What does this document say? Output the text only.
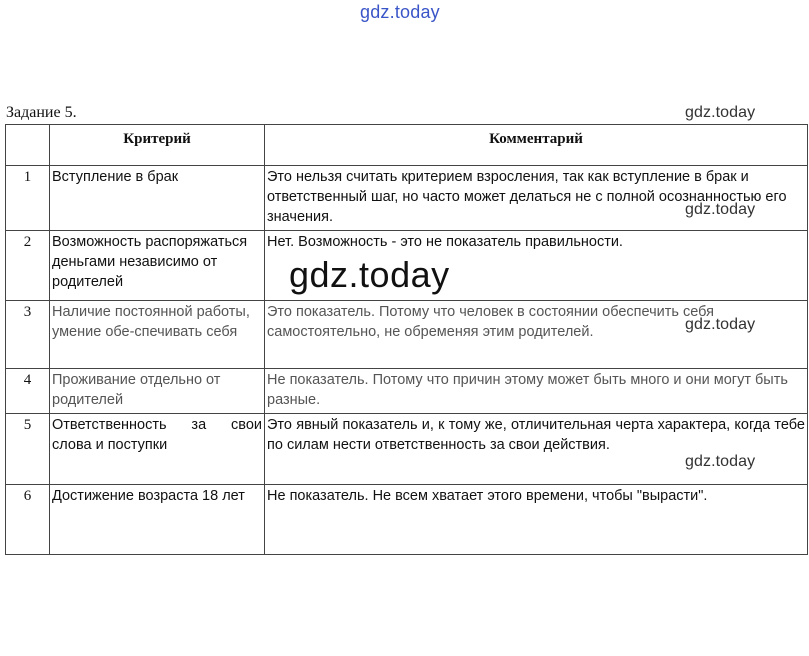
gdz.today
Задание 5.
	Критерий	Комментарий
1	Вступление в брак	Это нельзя считать критерием взросления, так как вступление в брак и ответственный шаг, но часто может делаться не с полной осознанностью его значения.
2	Возможность распоряжаться деньгами независимо от родителей	Нет. Возможность - это не показатель правильности.
3	Наличие постоянной работы, умение обе-спечивать себя	Это показатель. Потому что человек в состоянии обеспечить себя самостоятельно, не обременяя этим родителей.
4	Проживание отдельно от родителей	Не показатель. Потому что причин этому может быть много и они могут быть разные.
5	Ответственность за свои слова и поступки	Это явный показатель и, к тому же, отличительная черта характера, когда тебе по силам нести ответственность за свои действия.
6	Достижение возраста 18 лет	Не показатель. Не всем хватает этого времени, чтобы "вырасти".
gdz.today
gdz.today
gdz.today
gdz.today
gdz.today
